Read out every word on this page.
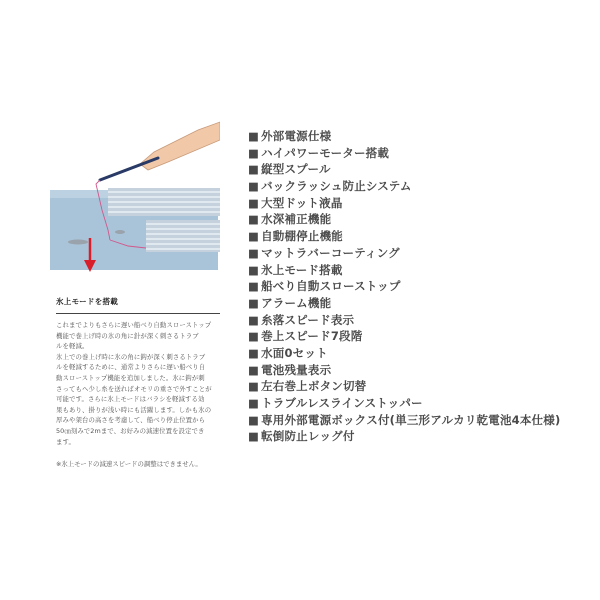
氷上モードを搭載

これまでよりもさらに遅い船べり自動スローストップ
機能で巻上げ時の氷の角に針が深く刺さるトラブ
ルを軽減。
氷上での巻上げ時に氷の角に鈎が深く刺さるトラブ
ルを軽減するために、通常よりさらに遅い船べり自
動スローストップ機能を追加しました。氷に鈎が刺
さってもヘ少し糸を送ればオモリの重さで外すことが
可能です。さらに氷上モードはバラシを軽減する効
果もあり、掛りが浅い時にも活躍します。しかも氷の
厚みや架台の高さを考慮して、船べり停止位置から
50㎝刻みで2mまで、お好みの減速位置を設定でき
ます。

※氷上モードの減速スピードの調整はできません。
■ 外部電源仕様
■ ハイパワーモーター搭載
■ 縦型スプール
■ バックラッシュ防止システム
■ 大型ドット液晶
■ 水深補正機能
■ 自動棚停止機能
■ マットラバーコーティング
■ 氷上モード搭載
■ 船べり自動スローストップ
■ アラーム機能
■ 糸落スピード表示
■ 巻上スピード7段階
■ 水面0セット
■ 電池残量表示
■ 左右巻上ボタン切替
■ トラブルレスラインストッパー
■ 専用外部電源ボックス付(単三形アルカリ乾電池4本仕様)
■ 転倒防止レッグ付
